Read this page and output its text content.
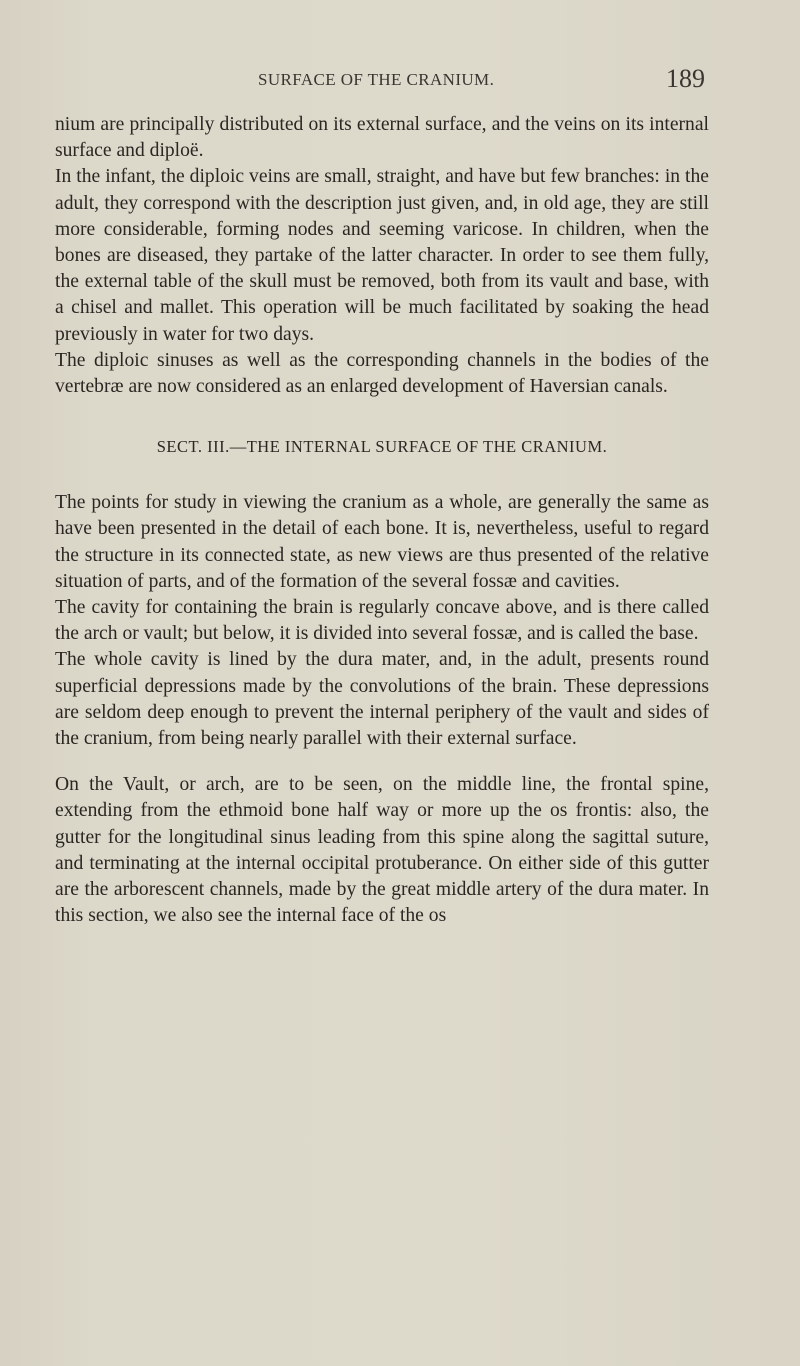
SURFACE OF THE CRANIUM.	189

nium are principally distributed on its external surface, and the veins on its internal surface and diploë.

In the infant, the diploic veins are small, straight, and have but few branches: in the adult, they correspond with the description just given, and, in old age, they are still more considerable, forming nodes and seeming varicose. In children, when the bones are diseased, they partake of the latter character. In order to see them fully, the external table of the skull must be removed, both from its vault and base, with a chisel and mallet. This operation will be much facilitated by soaking the head previously in water for two days.

The diploic sinuses as well as the corresponding channels in the bodies of the vertebræ are now considered as an enlarged development of Haversian canals.

SECT. III.—THE INTERNAL SURFACE OF THE CRANIUM.

The points for study in viewing the cranium as a whole, are generally the same as have been presented in the detail of each bone. It is, nevertheless, useful to regard the structure in its connected state, as new views are thus presented of the relative situation of parts, and of the formation of the several fossæ and cavities.

The cavity for containing the brain is regularly concave above, and is there called the arch or vault; but below, it is divided into several fossæ, and is called the base.

The whole cavity is lined by the dura mater, and, in the adult, presents round superficial depressions made by the convolutions of the brain. These depressions are seldom deep enough to prevent the internal periphery of the vault and sides of the cranium, from being nearly parallel with their external surface.

On the Vault, or arch, are to be seen, on the middle line, the frontal spine, extending from the ethmoid bone half way or more up the os frontis: also, the gutter for the longitudinal sinus leading from this spine along the sagittal suture, and terminating at the internal occipital protuberance. On either side of this gutter are the arborescent channels, made by the great middle artery of the dura mater. In this section, we also see the internal face of the os
